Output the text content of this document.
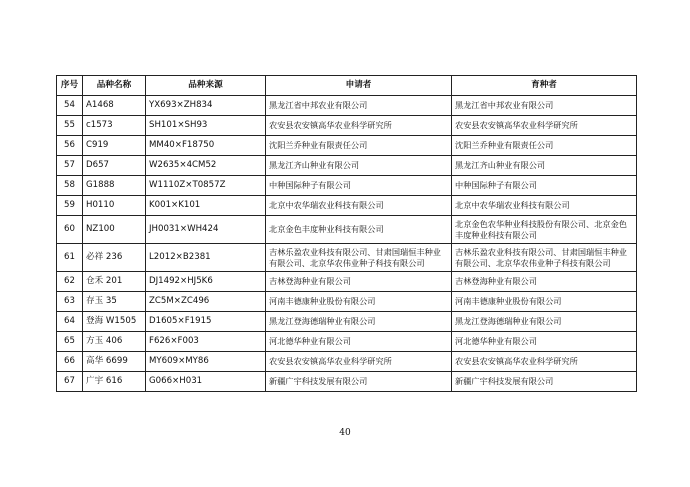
序号	品种名称	品种来源	申请者	育种者
54	A1468	YX693×ZH834	黑龙江省中邦农业有限公司	黑龙江省中邦农业有限公司
55	c1573	SH101×SH93	农安县农安镇高华农业科学研究所	农安县农安镇高华农业科学研究所
56	C919	MM40×F18750	沈阳兰乔种业有限责任公司	沈阳兰乔种业有限责任公司
57	D657	W2635×4CM52	黑龙江齐山种业有限公司	黑龙江齐山种业有限公司
58	G1888	W1110Z×T0857Z	中种国际种子有限公司	中种国际种子有限公司
59	H0110	K001×K101	北京中农华瑞农业科技有限公司	北京中农华瑞农业科技有限公司
60	NZ100	JH0031×WH424	北京金色丰度种业科技有限公司	北京金色农华种业科技股份有限公司、北京金色丰度种业科技有限公司
61	必祥 236	L2012×B2381	吉林乐盈农业科技有限公司、甘肃国瑞恒丰种业有限公司、北京华农伟业种子科技有限公司	吉林乐盈农业科技有限公司、甘肃国瑞恒丰种业有限公司、北京华农伟业种子科技有限公司
62	仓禾 201	DJ1492×HJ5K6	吉林登海种业有限公司	吉林登海种业有限公司
63	存玉 35	ZC5M×ZC496	河南丰德康种业股份有限公司	河南丰德康种业股份有限公司
64	登海 W1505	D1605×F1915	黑龙江登海德瑞种业有限公司	黑龙江登海德瑞种业有限公司
65	方玉 406	F626×F003	河北德华种业有限公司	河北德华种业有限公司
66	高华 6699	MY609×MY86	农安县农安镇高华农业科学研究所	农安县农安镇高华农业科学研究所
67	广宇 616	G066×H031	新疆广宇科技发展有限公司	新疆广宇科技发展有限公司
40
